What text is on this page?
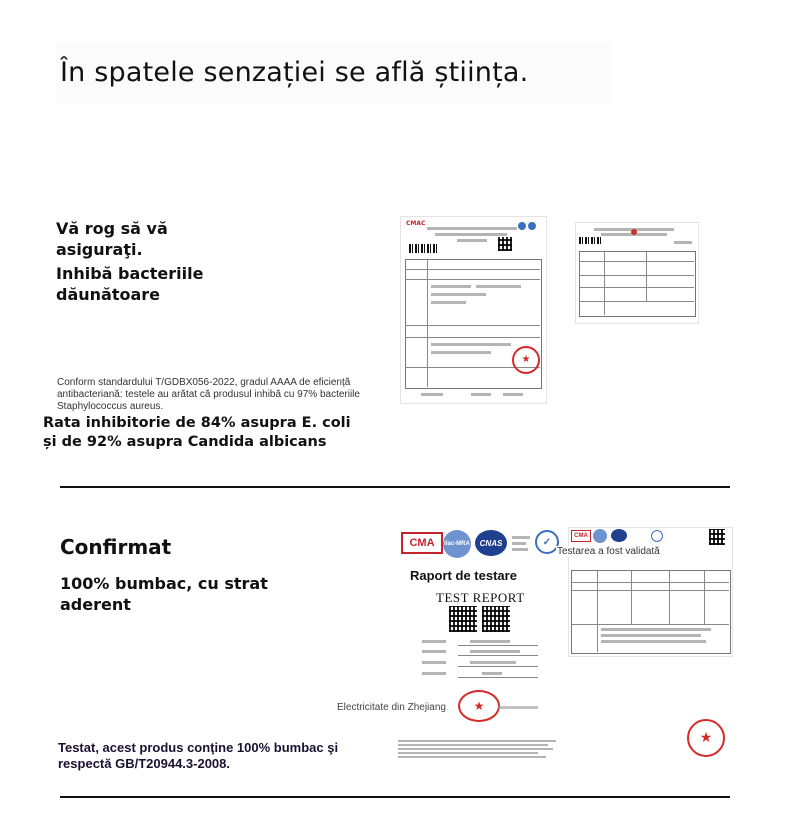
În spatele senzației se află știința.
Vă rog să vă
asiguraţi.
Inhibă bacteriile
dăunătoare
Conform standardului T/GDBX056-2022, gradul AAAA de eficiență antibacteriană: testele au arătat că produsul inhibă cu 97% bacteriile Staphylococcus aureus.
Rata inhibitorie de 84% asupra E. coli
și de 92% asupra Candida albicans
CMAC
★
Confirmat
100% bumbac, cu strat
aderent
CMA	ilac-MRA	CNAS	✓
CMA
Testarea a fost validată
Raport de testare
TEST REPORT
Electricitate din Zhejiang	★
★
Testat, acest produs conţine 100% bumbac şi
respectă GB/T20944.3-2008.
